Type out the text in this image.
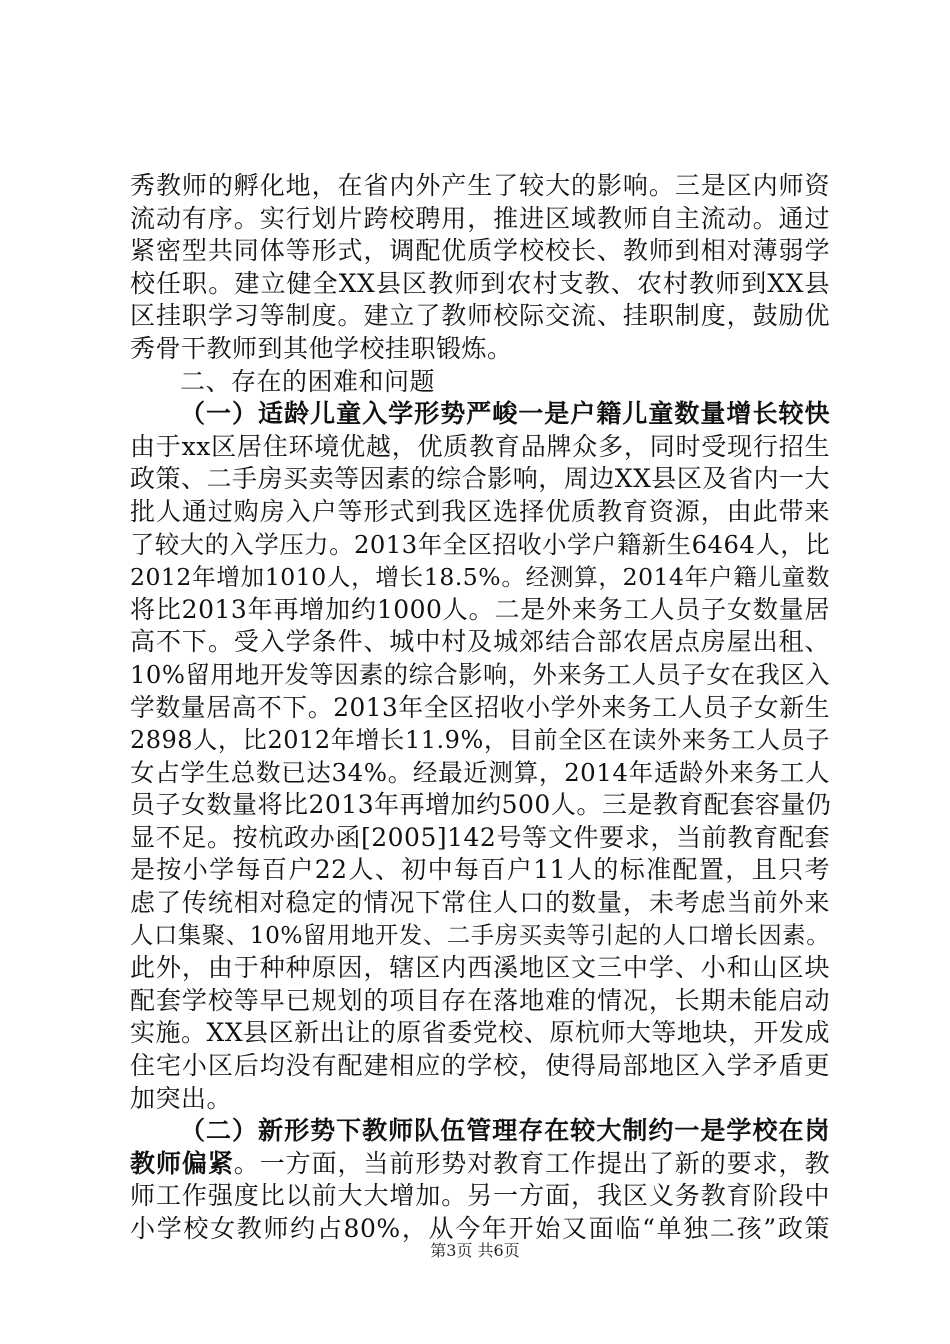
秀教师的孵化地，在省内外产生了较大的影响。三是区内师资
流动有序。实行划片跨校聘用，推进区域教师自主流动。通过
紧密型共同体等形式，调配优质学校校长、教师到相对薄弱学
校任职。建立健全XX县区教师到农村支教、农村教师到XX县
区挂职学习等制度。建立了教师校际交流、挂职制度，鼓励优
秀骨干教师到其他学校挂职锻炼。
二、存在的困难和问题
（一）适龄儿童入学形势严峻一是户籍儿童数量增长较快
由于xx区居住环境优越，优质教育品牌众多，同时受现行招生
政策、二手房买卖等因素的综合影响，周边XX县区及省内一大
批人通过购房入户等形式到我区选择优质教育资源，由此带来
了较大的入学压力。2013年全区招收小学户籍新生6464人，比
2012年增加1010人，增长18.5%。经测算，2014年户籍儿童数
将比2013年再增加约1000人。二是外来务工人员子女数量居
高不下。受入学条件、城中村及城郊结合部农居点房屋出租、
10%留用地开发等因素的综合影响，外来务工人员子女在我区入
学数量居高不下。2013年全区招收小学外来务工人员子女新生
2898人，比2012年增长11.9%，目前全区在读外来务工人员子
女占学生总数已达34%。经最近测算，2014年适龄外来务工人
员子女数量将比2013年再增加约500人。三是教育配套容量仍
显不足。按杭政办函[2005]142号等文件要求，当前教育配套
是按小学每百户22人、初中每百户11人的标准配置，且只考
虑了传统相对稳定的情况下常住人口的数量，未考虑当前外来
人口集聚、10%留用地开发、二手房买卖等引起的人口增长因素。
此外，由于种种原因，辖区内西溪地区文三中学、小和山区块
配套学校等早已规划的项目存在落地难的情况，长期未能启动
实施。XX县区新出让的原省委党校、原杭师大等地块，开发成
住宅小区后均没有配建相应的学校，使得局部地区入学矛盾更
加突出。
（二）新形势下教师队伍管理存在较大制约一是学校在岗
教师偏紧。一方面，当前形势对教育工作提出了新的要求，教
师工作强度比以前大大增加。另一方面，我区义务教育阶段中
小学校女教师约占80%，从今年开始又面临“单独二孩”政策
第3页 共6页
